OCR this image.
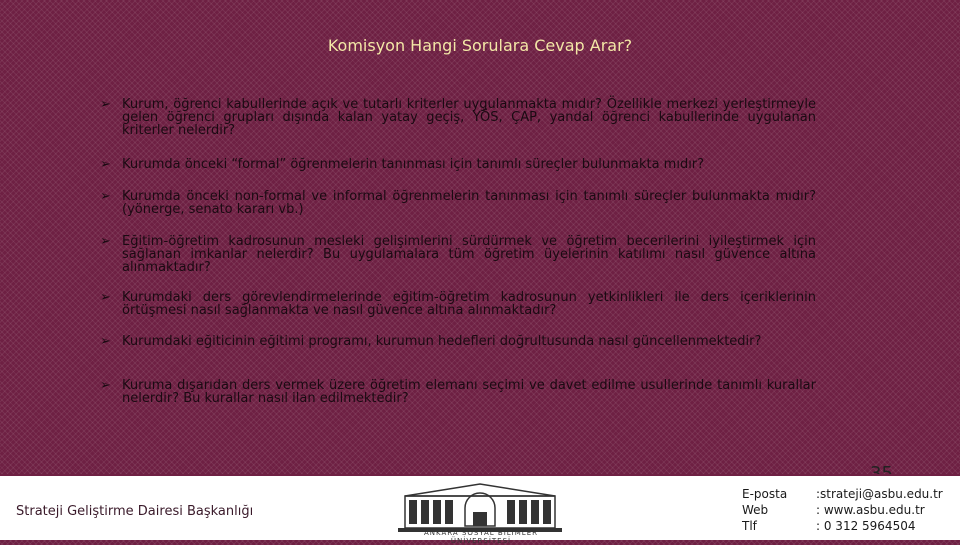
Komisyon Hangi Sorulara Cevap Arar?
➢ Kurum, öğrenci kabullerinde açık ve tutarlı kriterler uygulanmakta mıdır? Özellikle merkezi yerleştirmeyle gelen öğrenci grupları dışında kalan yatay geçiş, YÖS, ÇAP, yandal öğrenci kabullerinde uygulanan kriterler nelerdir?
➢ Kurumda önceki “formal” öğrenmelerin tanınması için tanımlı süreçler bulunmakta mıdır?
➢ Kurumda önceki non-formal ve informal öğrenmelerin tanınması için tanımlı süreçler bulunmakta mıdır? (yönerge, senato kararı vb.)
➢ Eğitim-öğretim kadrosunun mesleki gelişimlerini sürdürmek ve öğretim becerilerini iyileştirmek için sağlanan imkanlar nelerdir? Bu uygulamalara tüm öğretim üyelerinin katılımı nasıl güvence altına alınmaktadır?
➢ Kurumdaki ders görevlendirmelerinde eğitim-öğretim kadrosunun yetkinlikleri ile ders içeriklerinin örtüşmesi nasıl sağlanmakta ve nasıl güvence altına alınmaktadır?
➢ Kurumdaki eğiticinin eğitimi programı, kurumun hedefleri doğrultusunda nasıl güncellenmektedir?
➢ Kuruma dışarıdan ders vermek üzere öğretim elemanı seçimi ve davet edilme usullerinde tanımlı kurallar nelerdir? Bu kurallar nasıl ilan edilmektedir?
Strateji Geliştirme Dairesi Başkanlığı
ANKARA SOSYAL BİLİMLER ÜNİVERSİTESİ
E-posta
Web
Tlf
:strateji@asbu.edu.tr
: www.asbu.edu.tr
: 0 312 5964504
